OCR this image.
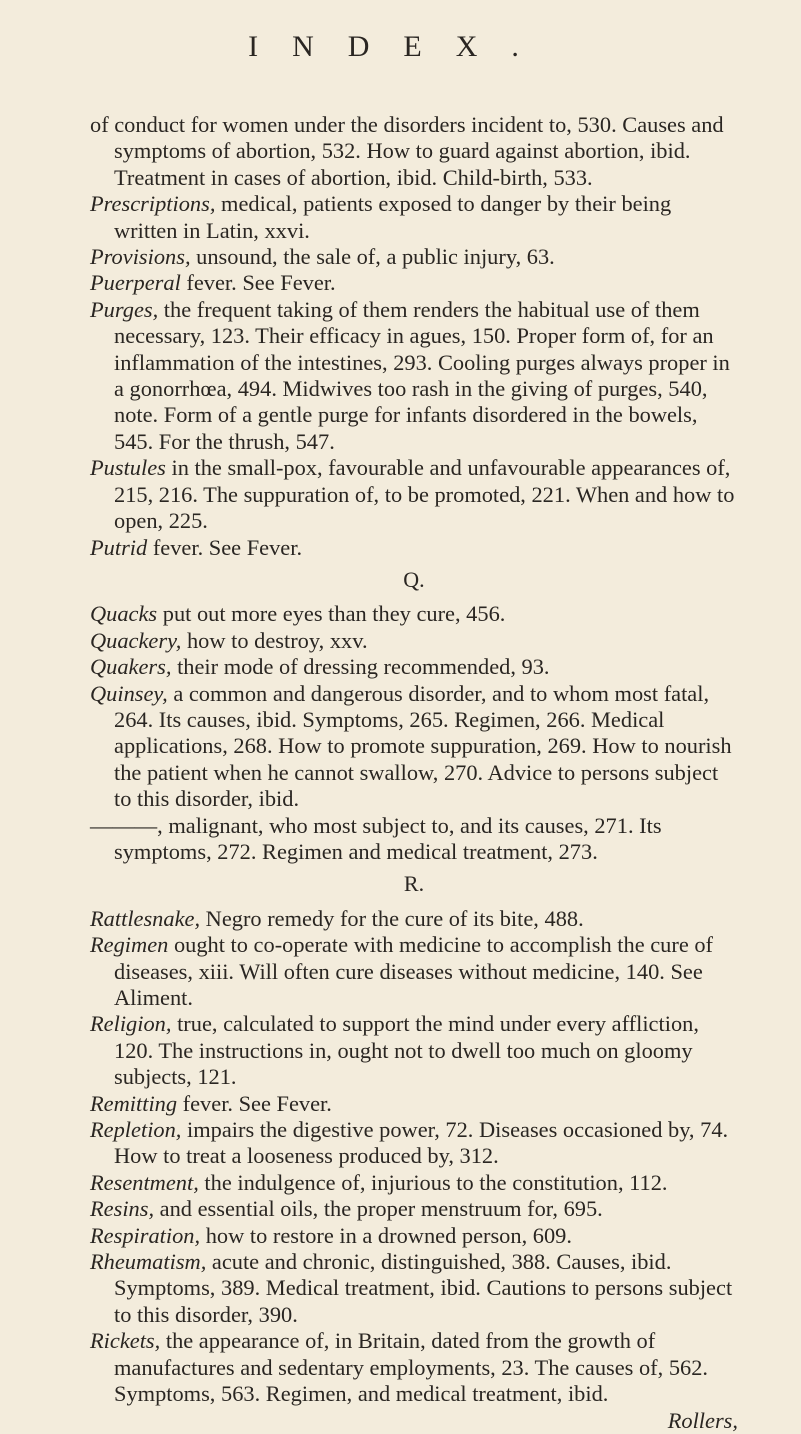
INDEX.

of conduct for women under the disorders incident to, 530. Causes and symptoms of abortion, 532. How to guard against abortion, ibid. Treatment in cases of abortion, ibid. Child-birth, 533.

Prescriptions, medical, patients exposed to danger by their being written in Latin, xxvi.

Provisions, unsound, the sale of, a public injury, 63.

Puerperal fever. See Fever.

Purges, the frequent taking of them renders the habitual use of them necessary, 123. Their efficacy in agues, 150. Proper form of, for an inflammation of the intestines, 293. Cooling purges always proper in a gonorrhœa, 494. Midwives too rash in the giving of purges, 540, note. Form of a gentle purge for infants disordered in the bowels, 545. For the thrush, 547.

Pustules in the small-pox, favourable and unfavourable appearances of, 215, 216. The suppuration of, to be promoted, 221. When and how to open, 225.

Putrid fever. See Fever.

Q.

Quacks put out more eyes than they cure, 456.

Quackery, how to destroy, xxv.

Quakers, their mode of dressing recommended, 93.

Quinsey, a common and dangerous disorder, and to whom most fatal, 264. Its causes, ibid. Symptoms, 265. Regimen, 266. Medical applications, 268. How to promote suppuration, 269. How to nourish the patient when he cannot swallow, 270. Advice to persons subject to this disorder, ibid.

———, malignant, who most subject to, and its causes, 271. Its symptoms, 272. Regimen and medical treatment, 273.

R.

Rattlesnake, Negro remedy for the cure of its bite, 488.

Regimen ought to co-operate with medicine to accomplish the cure of diseases, xiii. Will often cure diseases without medicine, 140. See Aliment.

Religion, true, calculated to support the mind under every affliction, 120. The instructions in, ought not to dwell too much on gloomy subjects, 121.

Remitting fever. See Fever.

Repletion, impairs the digestive power, 72. Diseases occasioned by, 74. How to treat a looseness produced by, 312.

Resentment, the indulgence of, injurious to the constitution, 112.

Resins, and essential oils, the proper menstruum for, 695.

Respiration, how to restore in a drowned person, 609.

Rheumatism, acute and chronic, distinguished, 388. Causes, ibid. Symptoms, 389. Medical treatment, ibid. Cautions to persons subject to this disorder, 390.

Rickets, the appearance of, in Britain, dated from the growth of manufactures and sedentary employments, 23. The causes of, 562. Symptoms, 563. Regimen, and medical treatment, ibid.

Rollers,
